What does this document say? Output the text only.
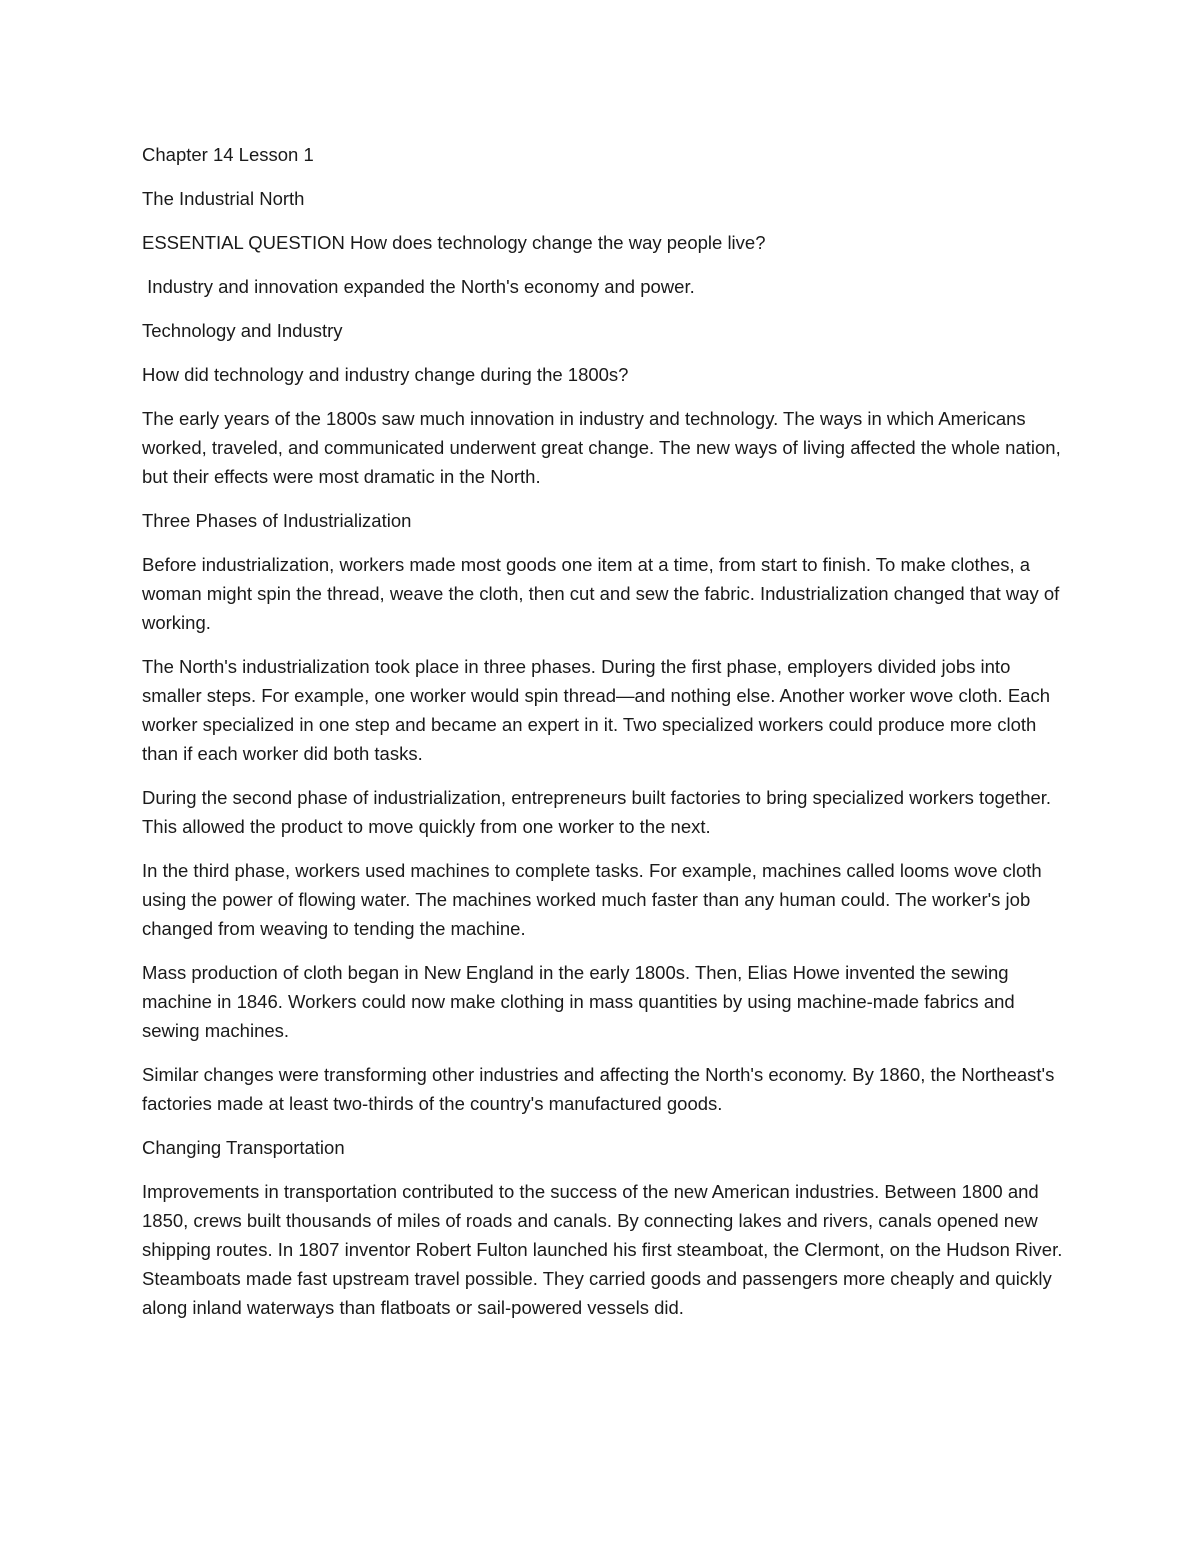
Chapter 14 Lesson 1

The Industrial North

ESSENTIAL QUESTION How does technology change the way people live?

Industry and innovation expanded the North's economy and power.

Technology and Industry

How did technology and industry change during the 1800s?

The early years of the 1800s saw much innovation in industry and technology. The ways in which Americans worked, traveled, and communicated underwent great change. The new ways of living affected the whole nation, but their effects were most dramatic in the North.

Three Phases of Industrialization

Before industrialization, workers made most goods one item at a time, from start to finish. To make clothes, a woman might spin the thread, weave the cloth, then cut and sew the fabric. Industrialization changed that way of working.

The North's industrialization took place in three phases. During the first phase, employers divided jobs into smaller steps. For example, one worker would spin thread—and nothing else. Another worker wove cloth. Each worker specialized in one step and became an expert in it. Two specialized workers could produce more cloth than if each worker did both tasks.

During the second phase of industrialization, entrepreneurs built factories to bring specialized workers together. This allowed the product to move quickly from one worker to the next.

In the third phase, workers used machines to complete tasks. For example, machines called looms wove cloth using the power of flowing water. The machines worked much faster than any human could. The worker's job changed from weaving to tending the machine.

Mass production of cloth began in New England in the early 1800s. Then, Elias Howe invented the sewing machine in 1846. Workers could now make clothing in mass quantities by using machine-made fabrics and sewing machines.

Similar changes were transforming other industries and affecting the North's economy. By 1860, the Northeast's factories made at least two-thirds of the country's manufactured goods.

Changing Transportation

Improvements in transportation contributed to the success of the new American industries. Between 1800 and 1850, crews built thousands of miles of roads and canals. By connecting lakes and rivers, canals opened new shipping routes. In 1807 inventor Robert Fulton launched his first steamboat, the Clermont, on the Hudson River. Steamboats made fast upstream travel possible. They carried goods and passengers more cheaply and quickly along inland waterways than flatboats or sail-powered vessels did.
